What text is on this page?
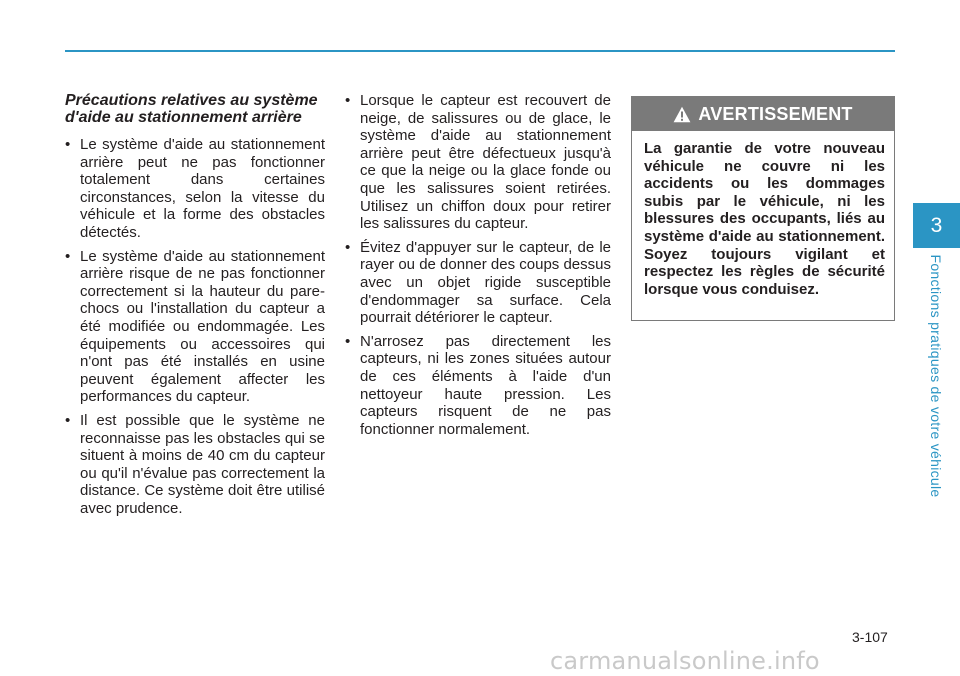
Précautions relatives au système d'aide au stationnement arrière
• Le système d'aide au stationnement arrière peut ne pas fonctionner totalement dans certaines circonstances, selon la vitesse du véhicule et la forme des obstacles détectés.
• Le système d'aide au stationnement arrière risque de ne pas fonctionner correctement si la hauteur du pare-chocs ou l'installation du capteur a été modifiée ou endommagée. Les équipements ou accessoires qui n'ont pas été installés en usine peuvent également affecter les performances du capteur.
• Il est possible que le système ne reconnaisse pas les obstacles qui se situent à moins de 40 cm du capteur ou qu'il n'évalue pas correctement la distance. Ce système doit être utilisé avec prudence.
• Lorsque le capteur est recouvert de neige, de salissures ou de glace, le système d'aide au stationnement arrière peut être défectueux jusqu'à ce que la neige ou la glace fonde ou que les salissures soient retirées. Utilisez un chiffon doux pour retirer les salissures du capteur.
• Évitez d'appuyer sur le capteur, de le rayer ou de donner des coups dessus avec un objet rigide susceptible d'endommager sa surface. Cela pourrait détériorer le capteur.
• N'arrosez pas directement les capteurs, ni les zones situées autour de ces éléments à l'aide d'un nettoyeur haute pression. Les capteurs risquent de ne pas fonctionner normalement.
AVERTISSEMENT

La garantie de votre nouveau véhicule ne couvre ni les accidents ou les dommages subis par le véhicule, ni les blessures des occupants, liés au système d'aide au stationnement. Soyez toujours vigilant et respectez les règles de sécurité lorsque vous conduisez.

3
Fonctions pratiques de votre véhicule
3-107
carmanualsonline.info
